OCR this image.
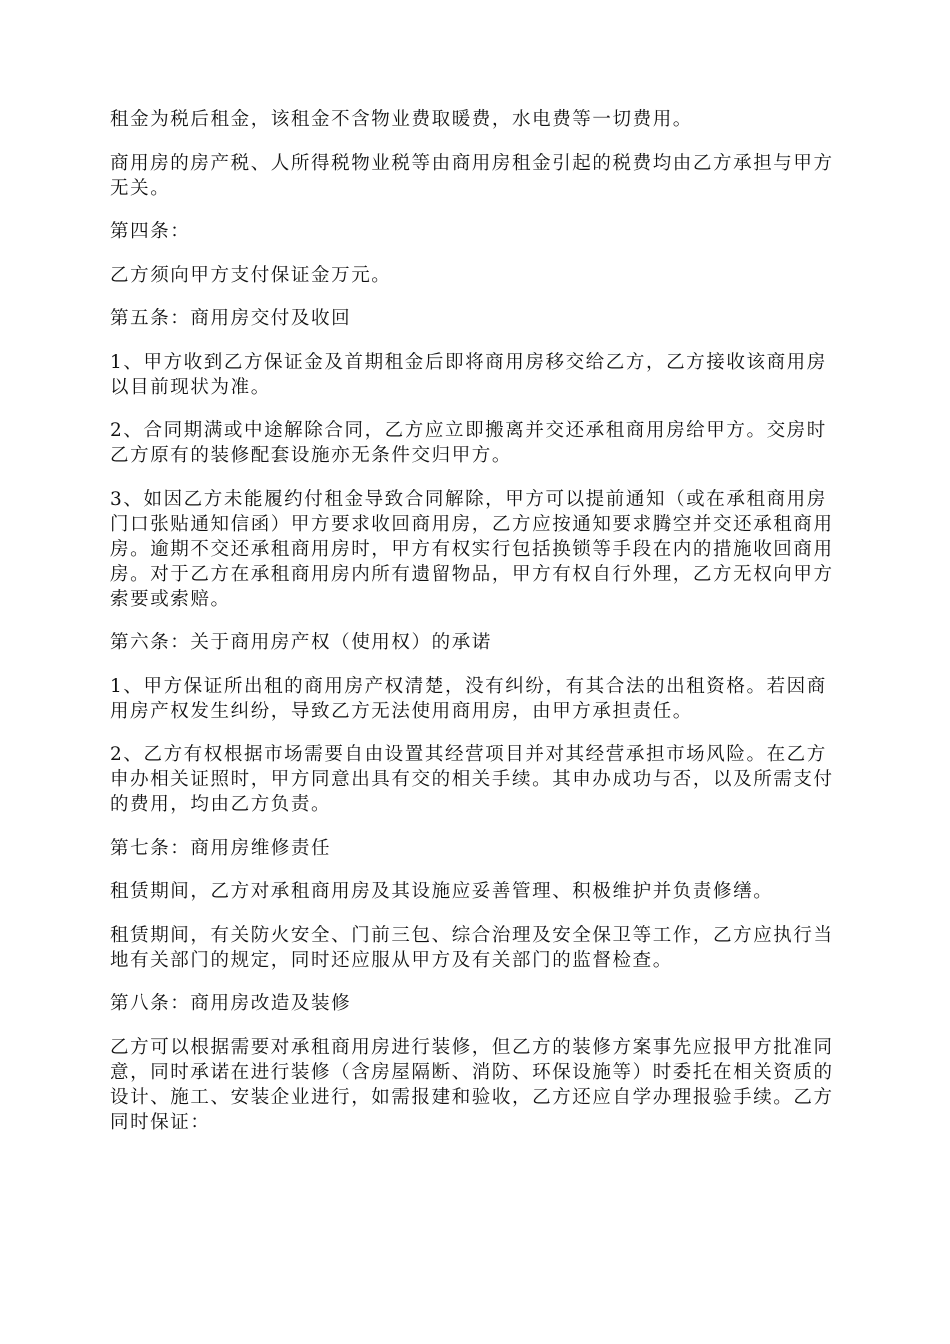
租金为税后租金，该租金不含物业费取暖费，水电费等一切费用。

商用房的房产税、人所得税物业税等由商用房租金引起的税费均由乙方承担与甲方无关。

第四条：

乙方须向甲方支付保证金万元。

第五条：商用房交付及收回

1、甲方收到乙方保证金及首期租金后即将商用房移交给乙方，乙方接收该商用房以目前现状为准。

2、合同期满或中途解除合同，乙方应立即搬离并交还承租商用房给甲方。交房时乙方原有的装修配套设施亦无条件交归甲方。

3、如因乙方未能履约付租金导致合同解除，甲方可以提前通知（或在承租商用房门口张贴通知信函）甲方要求收回商用房，乙方应按通知要求腾空并交还承租商用房。逾期不交还承租商用房时，甲方有权实行包括换锁等手段在内的措施收回商用房。对于乙方在承租商用房内所有遗留物品，甲方有权自行外理，乙方无权向甲方索要或索赔。

第六条：关于商用房产权（使用权）的承诺

1、甲方保证所出租的商用房产权清楚，没有纠纷，有其合法的出租资格。若因商用房产权发生纠纷，导致乙方无法使用商用房，由甲方承担责任。

2、乙方有权根据市场需要自由设置其经营项目并对其经营承担市场风险。在乙方申办相关证照时，甲方同意出具有交的相关手续。其申办成功与否，以及所需支付的费用，均由乙方负责。

第七条：商用房维修责任

租赁期间，乙方对承租商用房及其设施应妥善管理、积极维护并负责修缮。

租赁期间，有关防火安全、门前三包、综合治理及安全保卫等工作，乙方应执行当地有关部门的规定，同时还应服从甲方及有关部门的监督检查。

第八条：商用房改造及装修

乙方可以根据需要对承租商用房进行装修，但乙方的装修方案事先应报甲方批准同意，同时承诺在进行装修（含房屋隔断、消防、环保设施等）时委托在相关资质的设计、施工、安装企业进行，如需报建和验收，乙方还应自学办理报验手续。乙方同时保证：
